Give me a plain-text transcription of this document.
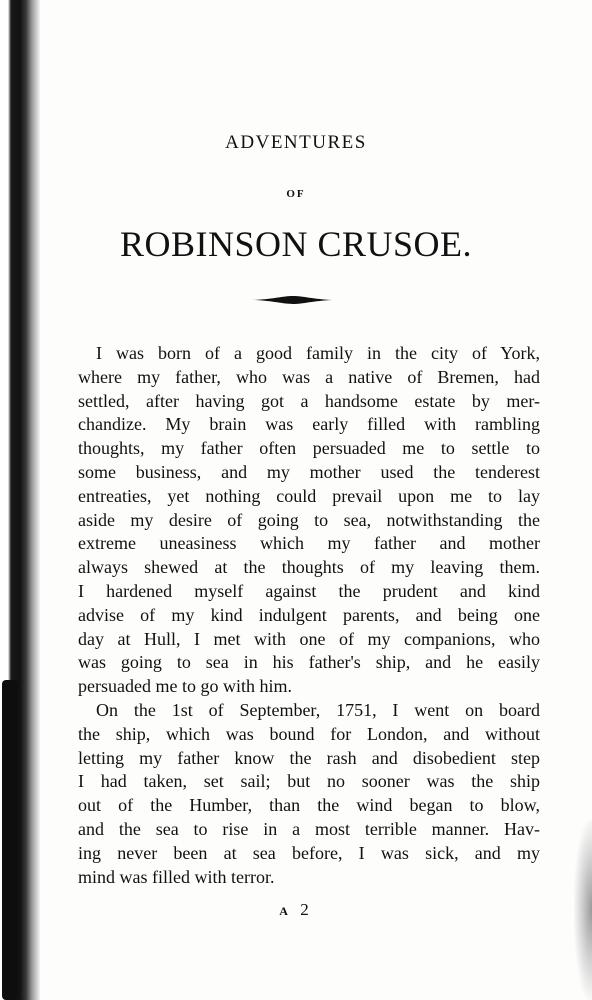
ADVENTURES
OF
ROBINSON CRUSOE.
I was born of a good family in the city of York,
where my father, who was a native of Bremen, had
settled, after having got a handsome estate by mer-
chandize. My brain was early filled with rambling
thoughts, my father often persuaded me to settle to
some business, and my mother used the tenderest
entreaties, yet nothing could prevail upon me to lay
aside my desire of going to sea, notwithstanding the
extreme uneasiness which my father and mother
always shewed at the thoughts of my leaving them.
I hardened myself against the prudent and kind
advise of my kind indulgent parents, and being one
day at Hull, I met with one of my companions, who
was going to sea in his father's ship, and he easily
persuaded me to go with him.
On the 1st of September, 1751, I went on board
the ship, which was bound for London, and without
letting my father know the rash and disobedient step
I had taken, set sail; but no sooner was the ship
out of the Humber, than the wind began to blow,
and the sea to rise in a most terrible manner. Hav-
ing never been at sea before, I was sick, and my
mind was filled with terror.
A 2
